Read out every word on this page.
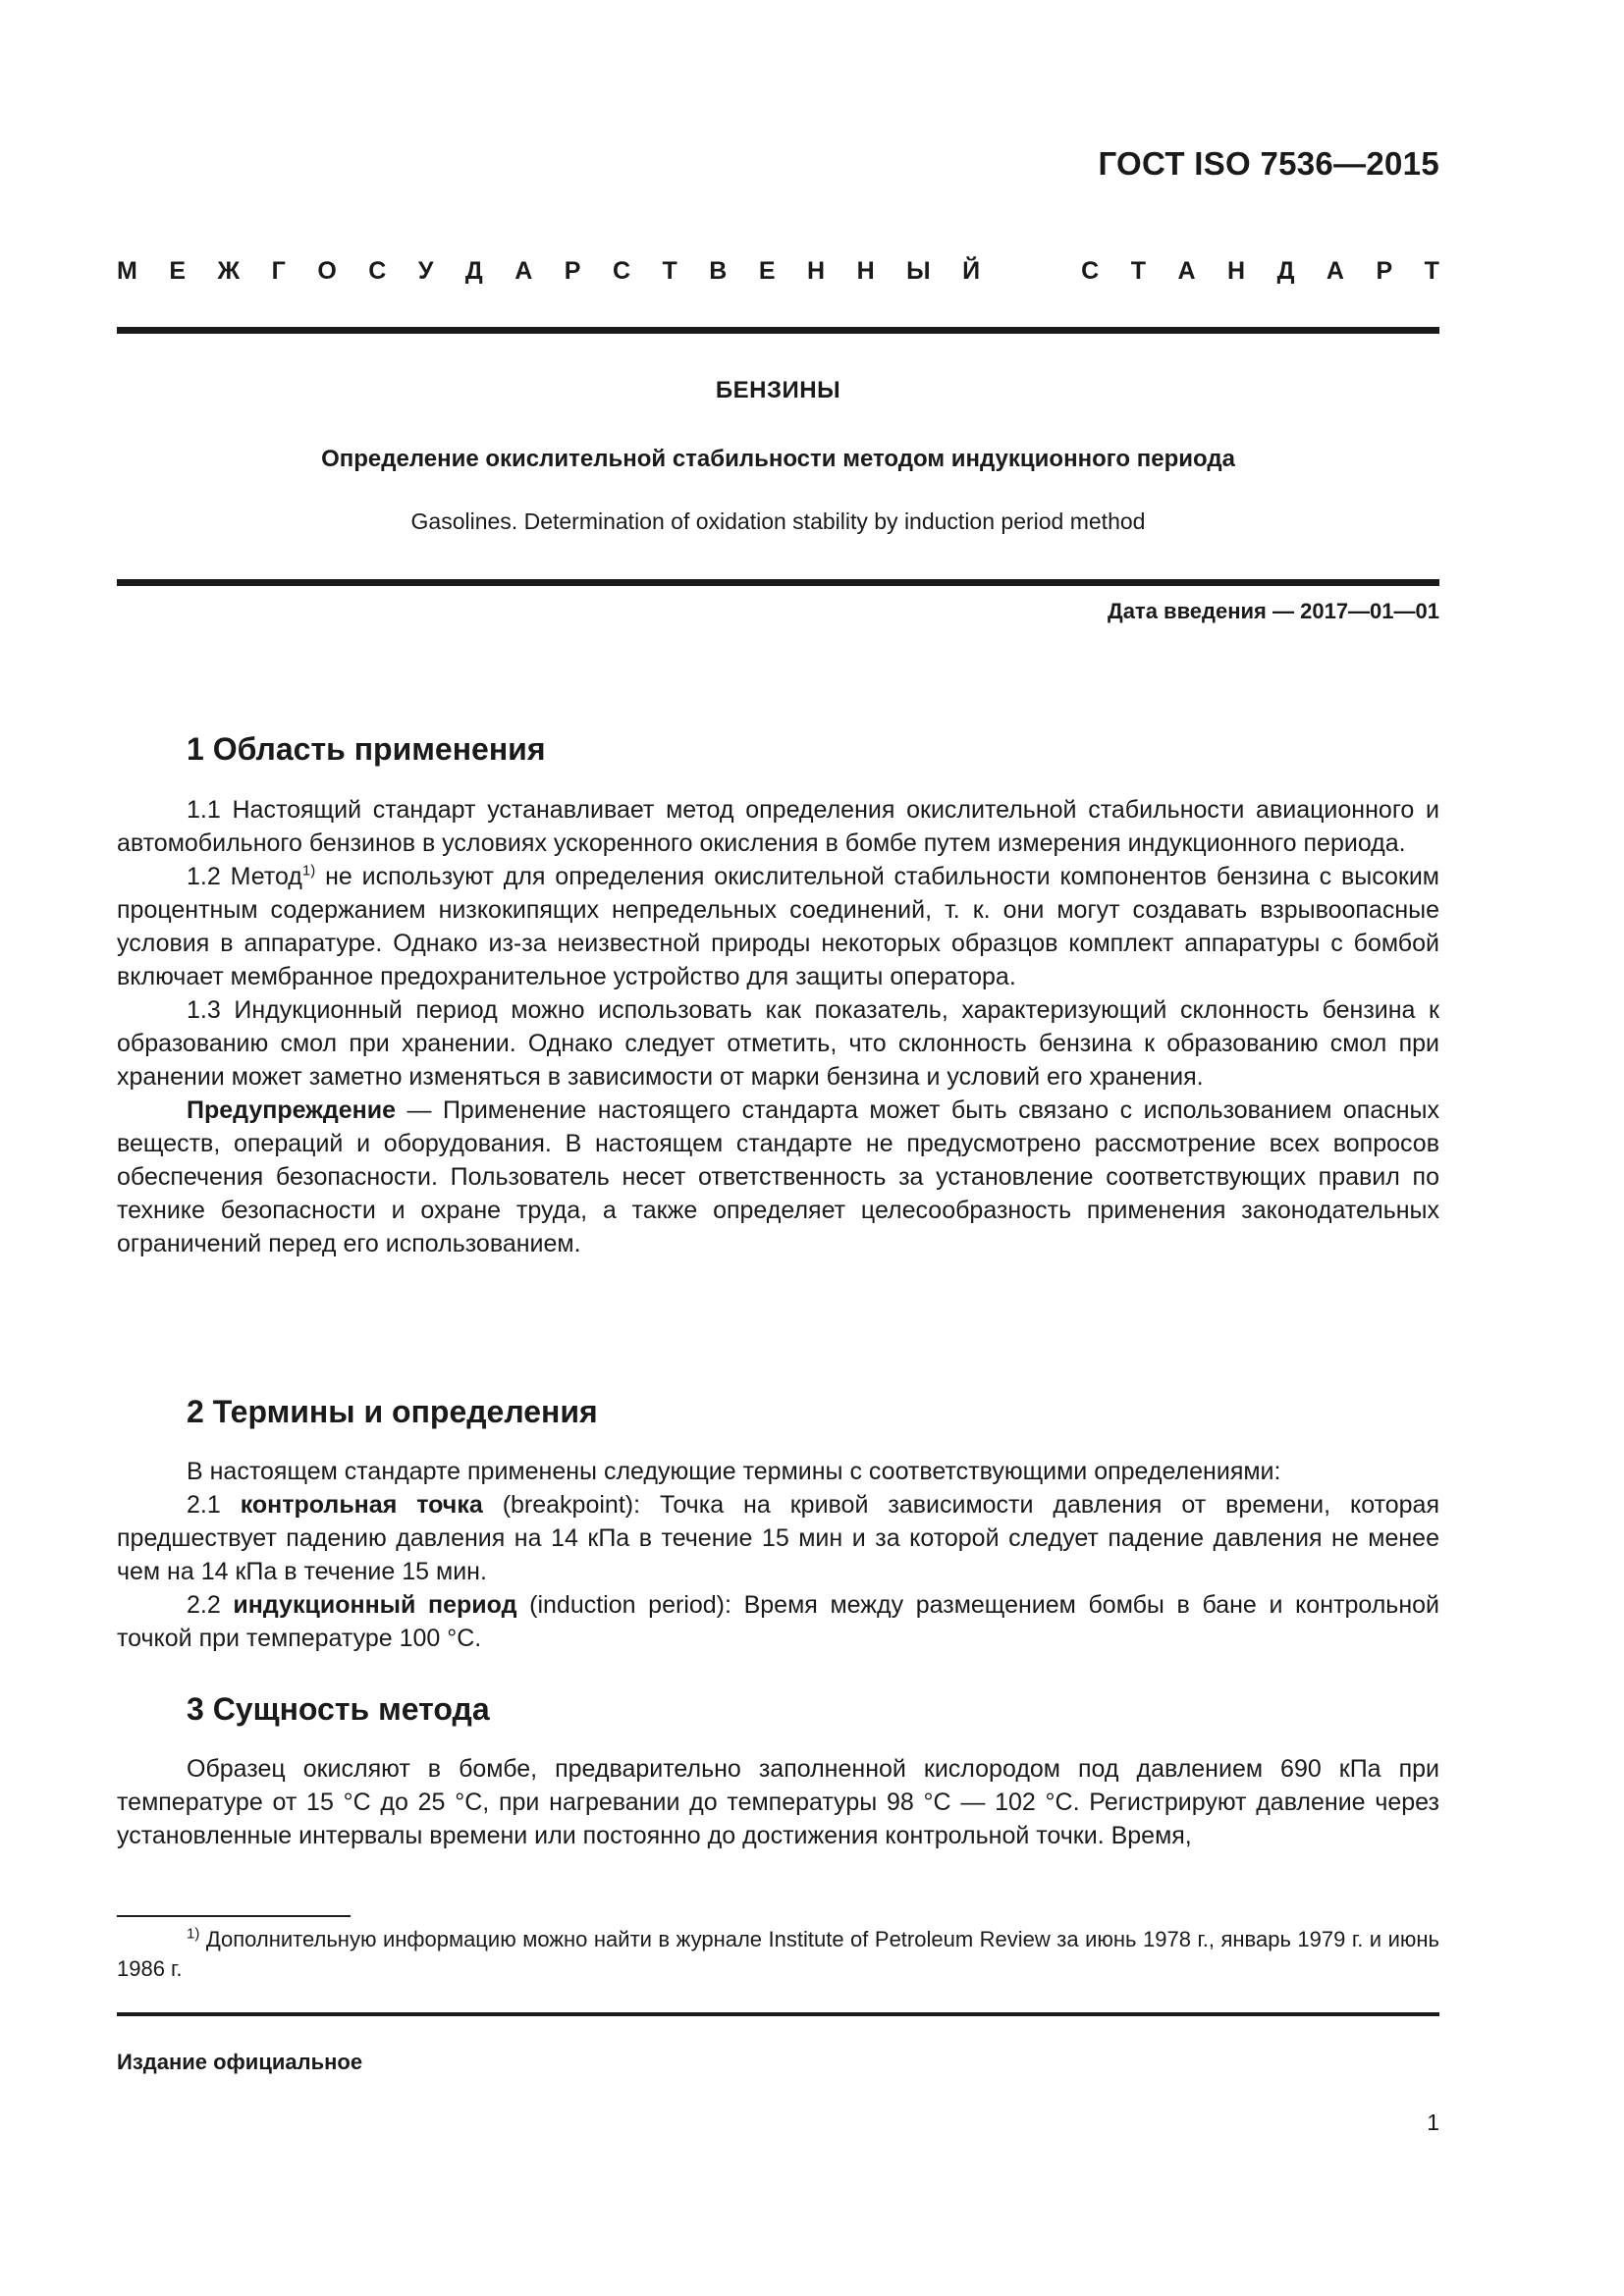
ГОСТ ISO 7536—2015
М Е Ж Г О С У Д А Р С Т В Е Н Н Ы Й	С Т А Н Д А Р Т
БЕНЗИНЫ
Определение окислительной стабильности методом индукционного периода
Gasolines. Determination of oxidation stability by induction period method
Дата введения — 2017—01—01
1 Область применения

1.1 Настоящий стандарт устанавливает метод определения окислительной стабильности авиационного и автомобильного бензинов в условиях ускоренного окисления в бомбе путем измерения индукционного периода.

1.2 Метод$^{1)}$ не используют для определения окислительной стабильности компонентов бензина с высоким процентным содержанием низкокипящих непредельных соединений, т. к. они могут создавать взрывоопасные условия в аппаратуре. Однако из-за неизвестной природы некоторых образцов комплект аппаратуры с бомбой включает мембранное предохранительное устройство для защиты оператора.

1.3 Индукционный период можно использовать как показатель, характеризующий склонность бензина к образованию смол при хранении. Однако следует отметить, что склонность бензина к образованию смол при хранении может заметно изменяться в зависимости от марки бензина и условий его хранения.

Предупреждение — Применение настоящего стандарта может быть связано с использованием опасных веществ, операций и оборудования. В настоящем стандарте не предусмотрено рассмотрение всех вопросов обеспечения безопасности. Пользователь несет ответственность за установление соответствующих правил по технике безопасности и охране труда, а также определяет целесообразность применения законодательных ограничений перед его использованием.

2 Термины и определения

В настоящем стандарте применены следующие термины с соответствующими определениями:

2.1 контрольная точка (breakpoint): Точка на кривой зависимости давления от времени, которая предшествует падению давления на 14 кПа в течение 15 мин и за которой следует падение давления не менее чем на 14 кПа в течение 15 мин.

2.2 индукционный период (induction period): Время между размещением бомбы в бане и контрольной точкой при температуре 100 °С.

3 Сущность метода

Образец окисляют в бомбе, предварительно заполненной кислородом под давлением 690 кПа при температуре от 15 °С до 25 °С, при нагревании до температуры 98 °С — 102 °С. Регистрируют давление через установленные интервалы времени или постоянно до достижения контрольной точки. Время,

$^{1)}$ Дополнительную информацию можно найти в журнале Institute of Petroleum Review за июнь 1978 г., январь 1979 г. и июнь 1986 г.

Издание официальное
1
